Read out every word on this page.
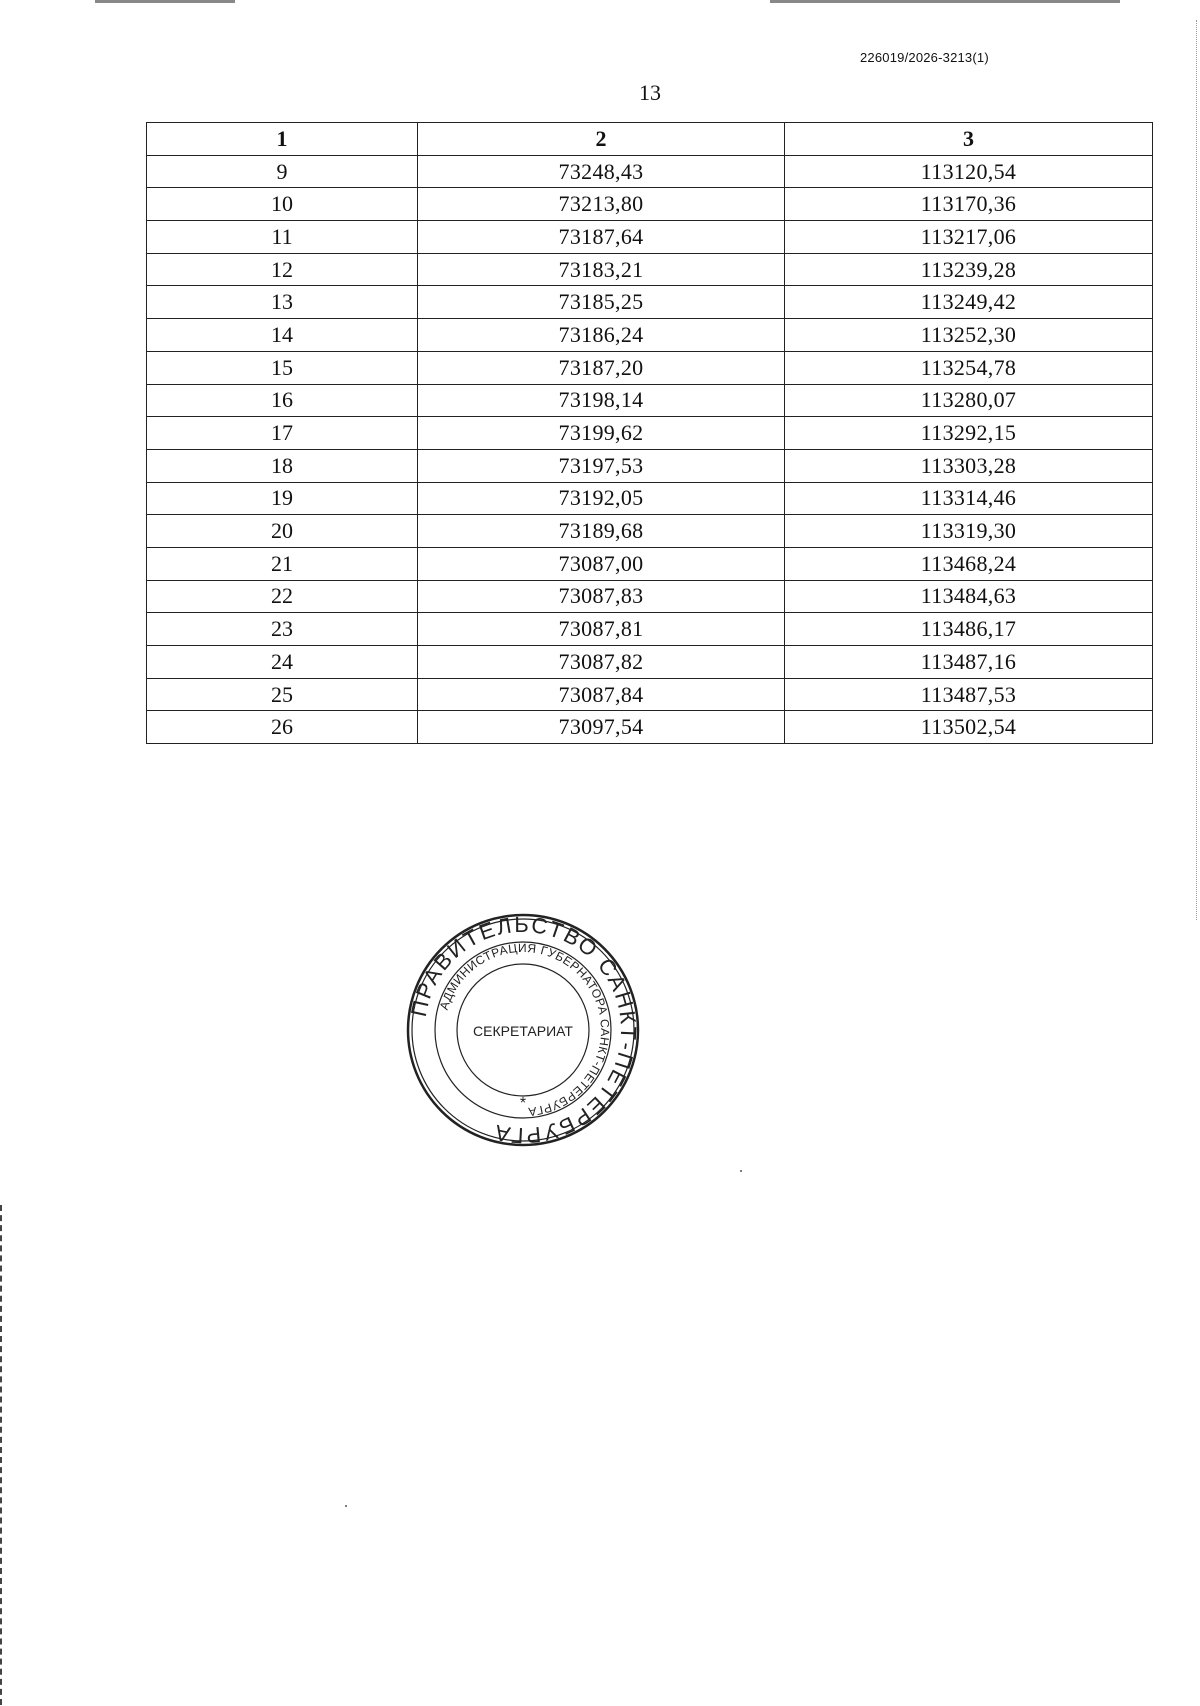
226019/2026-3213(1)
13
1	2	3
9	73248,43	113120,54
10	73213,80	113170,36
11	73187,64	113217,06
12	73183,21	113239,28
13	73185,25	113249,42
14	73186,24	113252,30
15	73187,20	113254,78
16	73198,14	113280,07
17	73199,62	113292,15
18	73197,53	113303,28
19	73192,05	113314,46
20	73189,68	113319,30
21	73087,00	113468,24
22	73087,83	113484,63
23	73087,81	113486,17
24	73087,82	113487,16
25	73087,84	113487,53
26	73097,54	113502,54
ПРАВИТЕЛЬСТВО САНКТ-ПЕТЕРБУРГА
АДМИНИСТРАЦИЯ ГУБЕРНАТОРА САНКТ-ПЕТЕРБУРГА
СЕКРЕТАРИАТ
*
